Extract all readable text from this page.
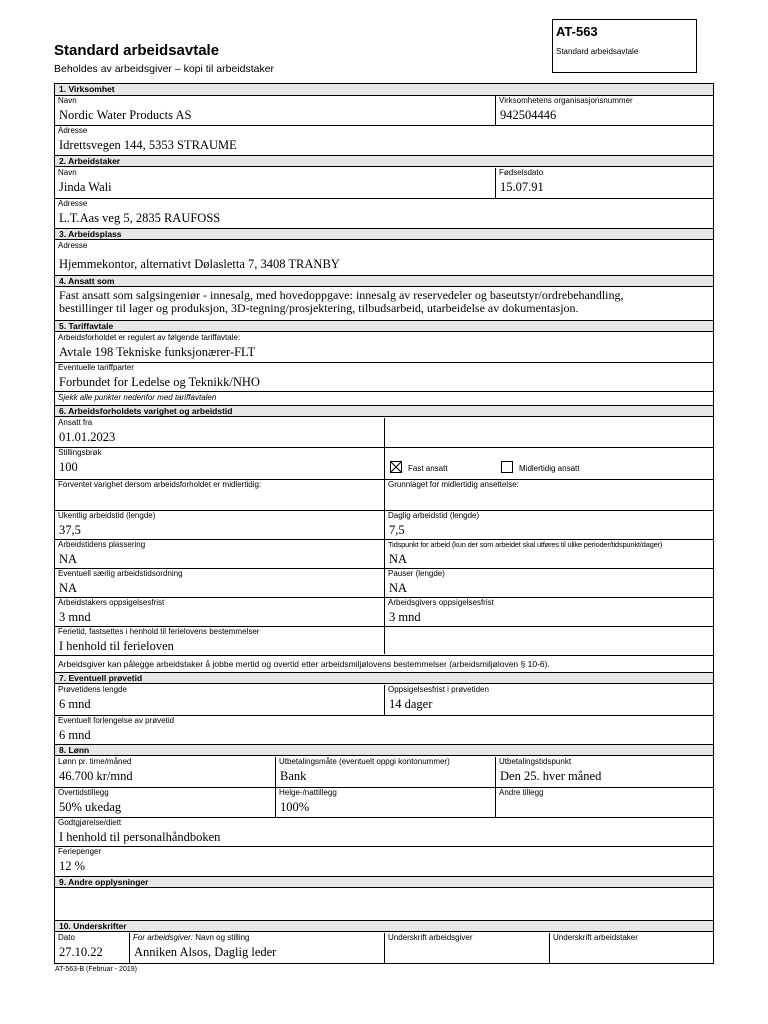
Standard arbeidsavtale
Beholdes av arbeidsgiver – kopi til arbeidstaker
AT-563
Standard arbeidsavtale
1. Virksomhet
Navn
Nordic Water Products AS
Virksomhetens organisasjonsnummer
942504446
Adresse
Idrettsvegen 144, 5353 STRAUME
2. Arbeidstaker
Navn
Jinda Wali
Fødselsdato
15.07.91
Adresse
L.T.Aas veg 5, 2835 RAUFOSS
3. Arbeidsplass
Adresse
Hjemmekontor, alternativt Dølasletta 7, 3408 TRANBY
4. Ansatt som
Fast ansatt som salgsingeniør - innesalg, med hovedoppgave: innesalg av reservedeler og baseutstyr/ordrebehandling,
bestillinger til lager og produksjon, 3D-tegning/prosjektering, tilbudsarbeid, utarbeidelse av dokumentasjon.
5. Tariffavtale
Arbeidsforholdet er regulert av følgende tariffavtale:
Avtale 198 Tekniske funksjonærer-FLT
Eventuelle tariffparter
Forbundet for Ledelse og Teknikk/NHO
Sjekk alle punkter nedenfor med tariffavtalen
6. Arbeidsforholdets varighet og arbeidstid
Ansatt fra
01.01.2023
Stillingsbrøk
100	Fast ansatt	Midlertidig ansatt
Forventet varighet dersom arbeidsforholdet er midlertidig:	Grunnlaget for midlertidig ansettelse:
Ukentlig arbeidstid (lengde)
37,5
Daglig arbeidstid (lengde)
7,5
Arbeidstidens plassering
NA
Tidspunkt for arbeid (kun der som arbeidet skal utføres til ulike perioder/tidspunkt/dager)
NA
Eventuell særlig arbeidstidsordning
NA
Pauser (lengde)
NA
Arbeidstakers oppsigelsesfrist
3 mnd
Arbeidsgivers oppsigelsesfrist
3 mnd
Ferietid, fastsettes i henhold til ferielovens bestemmelser
I henhold til ferieloven
Arbeidsgiver kan pålegge arbeidstaker å jobbe mertid og overtid etter arbeidsmiljølovens bestemmelser (arbeidsmiljøloven § 10-6).
7. Eventuell prøvetid
Prøvetidens lengde
6 mnd
Oppsigelsesfrist i prøvetiden
14 dager
Eventuell forlengelse av prøvetid
6 mnd
8. Lønn
Lønn pr. time/måned
46.700 kr/mnd
Utbetalingsmåte (eventuelt oppgi kontonummer)
Bank
Utbetalingstidspunkt
Den 25. hver måned
Overtidstillegg
50% ukedag
Helge-/nattillegg
100%
Andre tillegg
Godtgjørelse/diett
I henhold til personalhåndboken
Feriepenger
12 %
9. Andre opplysninger
10. Underskrifter
Dato
27.10.22
For arbeidsgiver: Navn og stilling
Anniken Alsos, Daglig leder
Underskrift arbeidsgiver	Underskrift arbeidstaker
AT-563-B (Februar - 2019)
